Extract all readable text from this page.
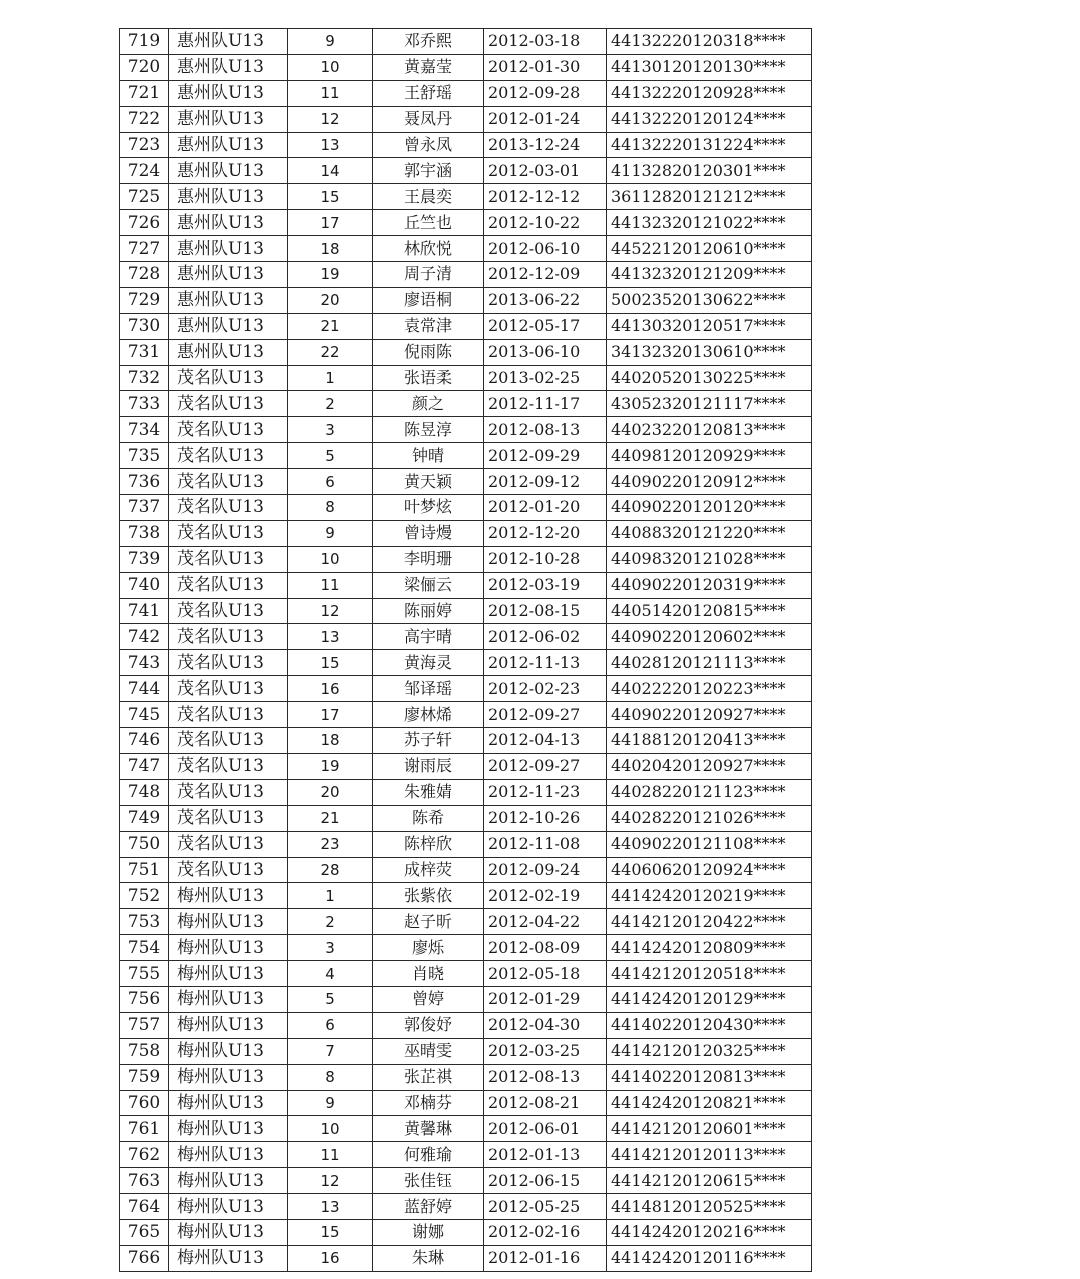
719	惠州队U13	9	邓乔熙	2012-03-18	44132220120318****
720	惠州队U13	10	黄嘉莹	2012-01-30	44130120120130****
721	惠州队U13	11	王舒瑶	2012-09-28	44132220120928****
722	惠州队U13	12	聂凤丹	2012-01-24	44132220120124****
723	惠州队U13	13	曾永凤	2013-12-24	44132220131224****
724	惠州队U13	14	郭宇涵	2012-03-01	41132820120301****
725	惠州队U13	15	王晨奕	2012-12-12	36112820121212****
726	惠州队U13	17	丘竺也	2012-10-22	44132320121022****
727	惠州队U13	18	林欣悦	2012-06-10	44522120120610****
728	惠州队U13	19	周子清	2012-12-09	44132320121209****
729	惠州队U13	20	廖语桐	2013-06-22	50023520130622****
730	惠州队U13	21	袁常津	2012-05-17	44130320120517****
731	惠州队U13	22	倪雨陈	2013-06-10	34132320130610****
732	茂名队U13	1	张语柔	2013-02-25	44020520130225****
733	茂名队U13	2	颜之	2012-11-17	43052320121117****
734	茂名队U13	3	陈昱淳	2012-08-13	44023220120813****
735	茂名队U13	5	钟晴	2012-09-29	44098120120929****
736	茂名队U13	6	黄天颖	2012-09-12	44090220120912****
737	茂名队U13	8	叶梦炫	2012-01-20	44090220120120****
738	茂名队U13	9	曾诗熳	2012-12-20	44088320121220****
739	茂名队U13	10	李明珊	2012-10-28	44098320121028****
740	茂名队U13	11	梁俪云	2012-03-19	44090220120319****
741	茂名队U13	12	陈丽婷	2012-08-15	44051420120815****
742	茂名队U13	13	高宇晴	2012-06-02	44090220120602****
743	茂名队U13	15	黄海灵	2012-11-13	44028120121113****
744	茂名队U13	16	邹译瑶	2012-02-23	44022220120223****
745	茂名队U13	17	廖林烯	2012-09-27	44090220120927****
746	茂名队U13	18	苏子轩	2012-04-13	44188120120413****
747	茂名队U13	19	谢雨辰	2012-09-27	44020420120927****
748	茂名队U13	20	朱雅婧	2012-11-23	44028220121123****
749	茂名队U13	21	陈希	2012-10-26	44028220121026****
750	茂名队U13	23	陈梓欣	2012-11-08	44090220121108****
751	茂名队U13	28	成梓荧	2012-09-24	44060620120924****
752	梅州队U13	1	张紫依	2012-02-19	44142420120219****
753	梅州队U13	2	赵子昕	2012-04-22	44142120120422****
754	梅州队U13	3	廖烁	2012-08-09	44142420120809****
755	梅州队U13	4	肖晓	2012-05-18	44142120120518****
756	梅州队U13	5	曾婷	2012-01-29	44142420120129****
757	梅州队U13	6	郭俊妤	2012-04-30	44140220120430****
758	梅州队U13	7	巫晴雯	2012-03-25	44142120120325****
759	梅州队U13	8	张芷祺	2012-08-13	44140220120813****
760	梅州队U13	9	邓楠芬	2012-08-21	44142420120821****
761	梅州队U13	10	黄馨琳	2012-06-01	44142120120601****
762	梅州队U13	11	何雅瑜	2012-01-13	44142120120113****
763	梅州队U13	12	张佳钰	2012-06-15	44142120120615****
764	梅州队U13	13	蓝舒婷	2012-05-25	44148120120525****
765	梅州队U13	15	谢娜	2012-02-16	44142420120216****
766	梅州队U13	16	朱琳	2012-01-16	44142420120116****
